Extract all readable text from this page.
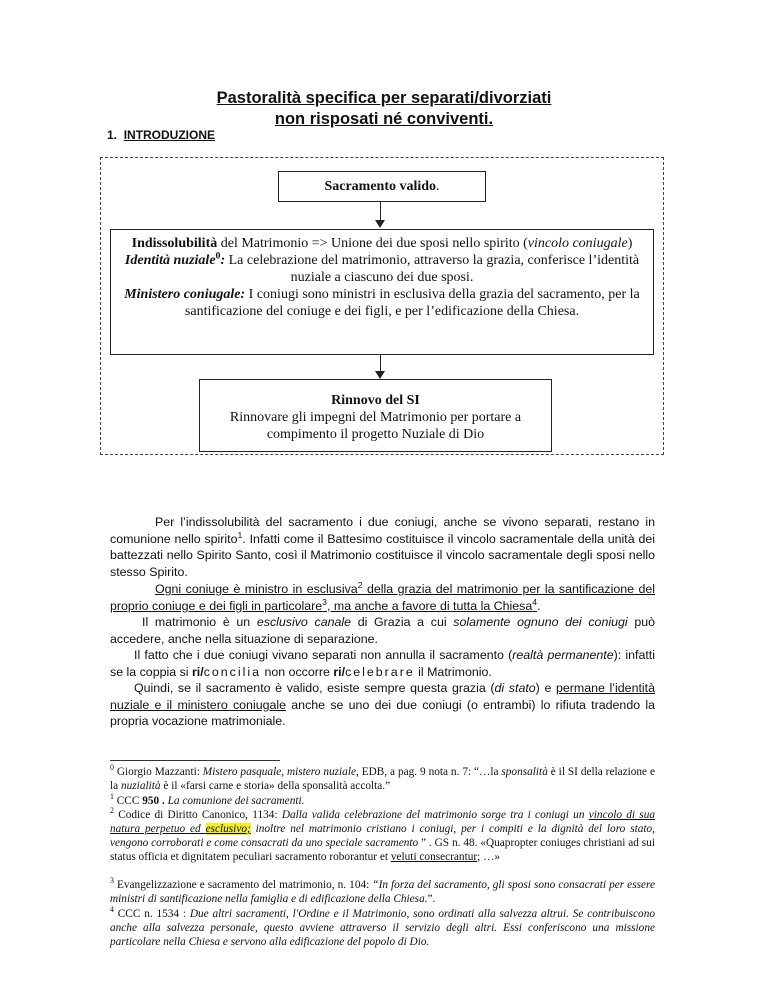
Pastoralità specifica per separati/divorziati
non risposati né conviventi.
1. INTRODUZIONE
Sacramento valido.
Indissolubilità del Matrimonio => Unione dei due sposi nello spirito (vincolo coniugale)
Identità nuziale$^0$: La celebrazione del matrimonio, attraverso la grazia, conferisce l’identità nuziale a ciascuno dei due sposi.
Ministero coniugale: I coniugi sono ministri in esclusiva della grazia del sacramento, per la santificazione del coniuge e dei figli, e per l’edificazione della Chiesa.
Rinnovo del SI
Rinnovare gli impegni del Matrimonio per portare a compimento il progetto Nuziale di Dio
Per l’indissolubilità del sacramento i due coniugi, anche se vivono separati, restano in comunione nello spirito$^1$. Infatti come il Battesimo costituisce il vincolo sacramentale della unità dei battezzati nello Spirito Santo, così il Matrimonio costituisce il vincolo sacramentale degli sposi nello stesso Spirito.
Ogni coniuge è ministro in esclusiva$^2$ della grazia del matrimonio per la santificazione del proprio coniuge e dei figli in particolare$^3$, ma anche a favore di tutta la Chiesa$^4$.
Il matrimonio è un esclusivo canale di Grazia a cui solamente ognuno dei coniugi può accedere, anche nella situazione di separazione.
Il fatto che i due coniugi vivano separati non annulla il sacramento (realtà permanente): infatti se la coppia si ri/concilia non occorre ri/celebrare il Matrimonio.
Quindi, se il sacramento è valido, esiste sempre questa grazia (di stato) e permane l’identità nuziale e il ministero coniugale anche se uno dei due coniugi (o entrambi) lo rifiuta tradendo la propria vocazione matrimoniale.
$^0$ Giorgio Mazzanti: Mistero pasquale, mistero nuziale, EDB, a pag. 9 nota n. 7: “…la sponsalità è il SI della relazione e la nuzialità è il «farsi carne e storia» della sponsalità accolta.”
$^1$ CCC 950 . La comunione dei sacramenti.
$^2$ Codice di Diritto Canonico, 1134: Dalla valida celebrazione del matrimonio sorge tra i coniugi un vincolo di sua natura perpetuo ed esclusivo; inoltre nel matrimonio cristiano i coniugi, per i compiti e la dignità del loro stato, vengono corroborati e come consacrati da uno speciale sacramento ” . GS n. 48. «Quapropter coniuges christiani ad sui status officia et dignitatem peculiari sacramento roborantur et veluti consecrantur; …»
$^3$ Evangelizzazione e sacramento del matrimonio, n. 104: “In forza del sacramento, gli sposi sono consacrati per essere ministri di santificazione nella famiglia e di edificazione della Chiesa.”.
$^4$ CCC n. 1534 : Due altri sacramenti, l'Ordine e il Matrimonio, sono ordinati alla salvezza altrui. Se contribuiscono anche alla salvezza personale, questo avviene attraverso il servizio degli altri. Essi conferiscono una missione particolare nella Chiesa e servono alla edificazione del popolo di Dio.
